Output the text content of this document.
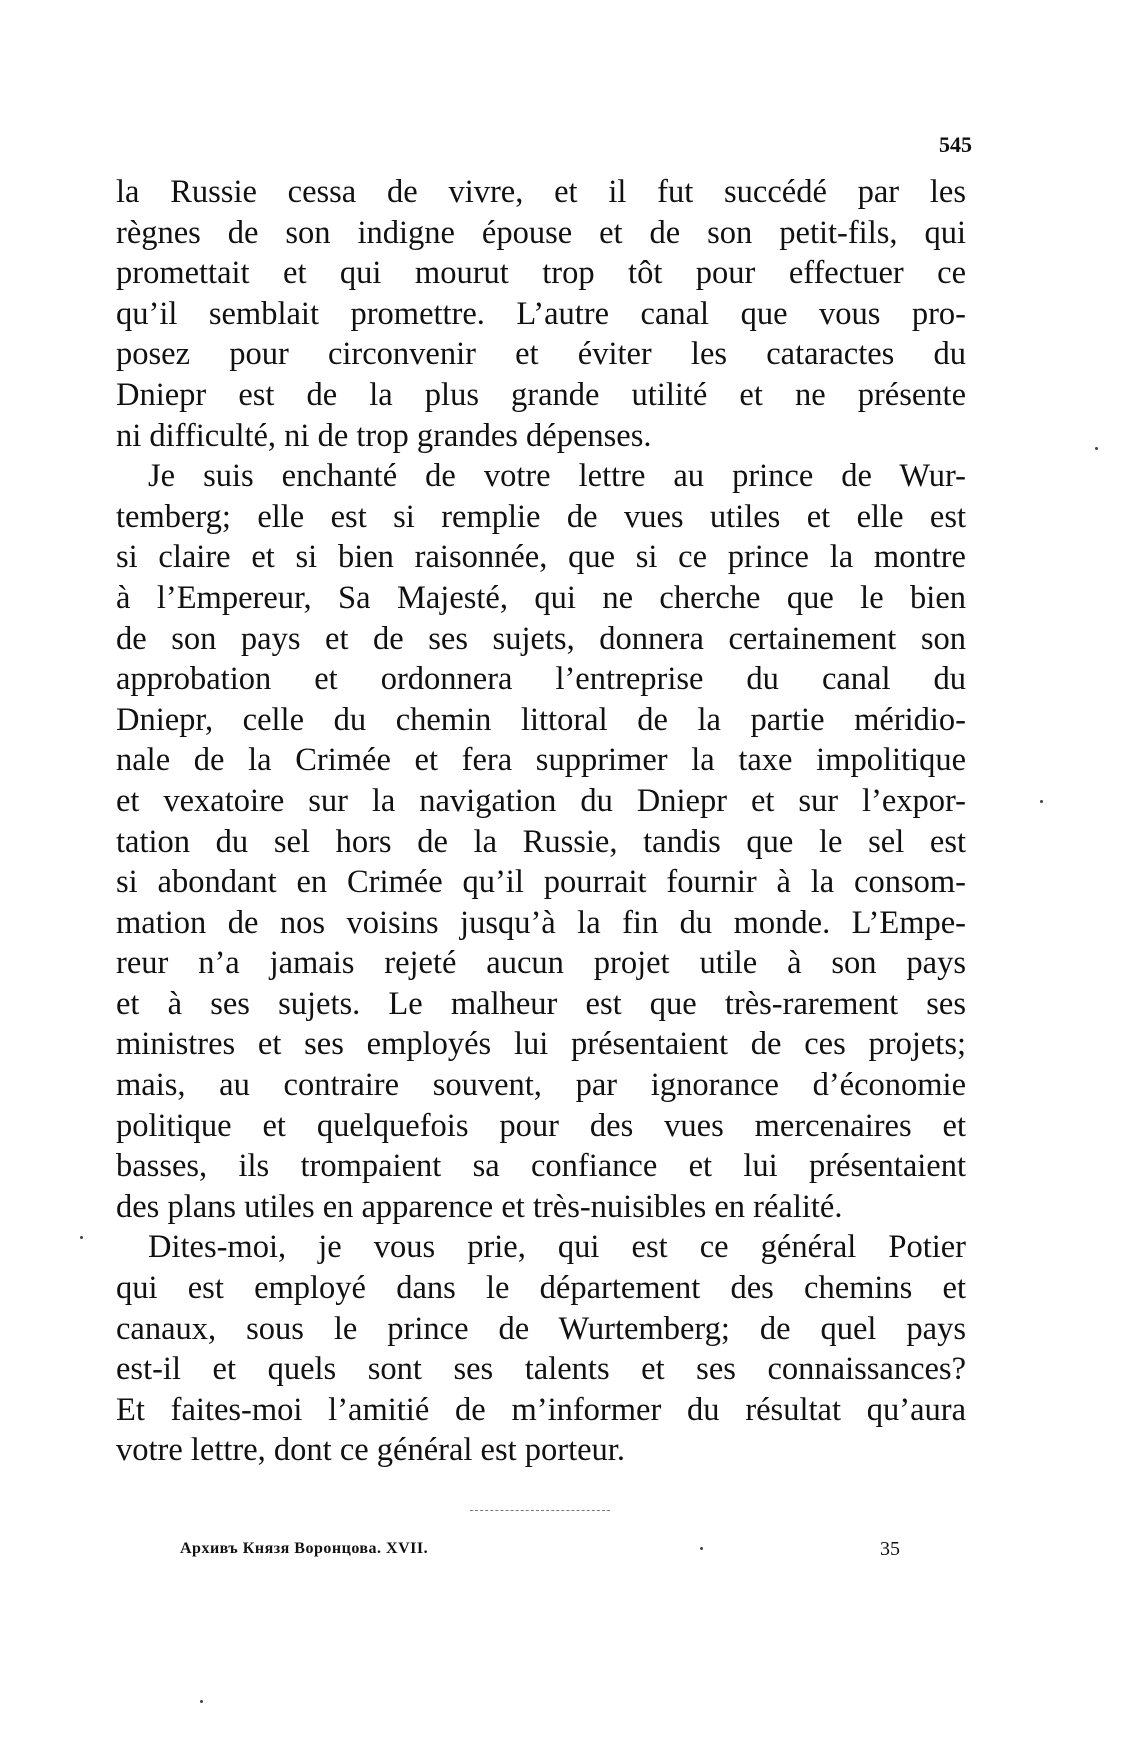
545
la Russie cessa de vivre, et il fut succédé par les
règnes de son indigne épouse et de son petit-fils, qui
promettait et qui mourut trop tôt pour effectuer ce
qu’il semblait promettre. L’autre canal que vous pro-
posez pour circonvenir et éviter les cataractes du
Dniepr est de la plus grande utilité et ne présente
ni difficulté, ni de trop grandes dépenses.
Je suis enchanté de votre lettre au prince de Wur-
temberg; elle est si remplie de vues utiles et elle est
si claire et si bien raisonnée, que si ce prince la montre
à l’Empereur, Sa Majesté, qui ne cherche que le bien
de son pays et de ses sujets, donnera certainement son
approbation et ordonnera l’entreprise du canal du
Dniepr, celle du chemin littoral de la partie méridio-
nale de la Crimée et fera supprimer la taxe impolitique
et vexatoire sur la navigation du Dniepr et sur l’expor-
tation du sel hors de la Russie, tandis que le sel est
si abondant en Crimée qu’il pourrait fournir à la consom-
mation de nos voisins jusqu’à la fin du monde. L’Empe-
reur n’a jamais rejeté aucun projet utile à son pays
et à ses sujets. Le malheur est que très-rarement ses
ministres et ses employés lui présentaient de ces projets;
mais, au contraire souvent, par ignorance d’économie
politique et quelquefois pour des vues mercenaires et
basses, ils trompaient sa confiance et lui présentaient
des plans utiles en apparence et très-nuisibles en réalité.
Dites-moi, je vous prie, qui est ce général Potier
qui est employé dans le département des chemins et
canaux, sous le prince de Wurtemberg; de quel pays
est-il et quels sont ses talents et ses connaissances?
Et faites-moi l’amitié de m’informer du résultat qu’aura
votre lettre, dont ce général est porteur.
Архивъ Князя Воронцова. XVII.	35
